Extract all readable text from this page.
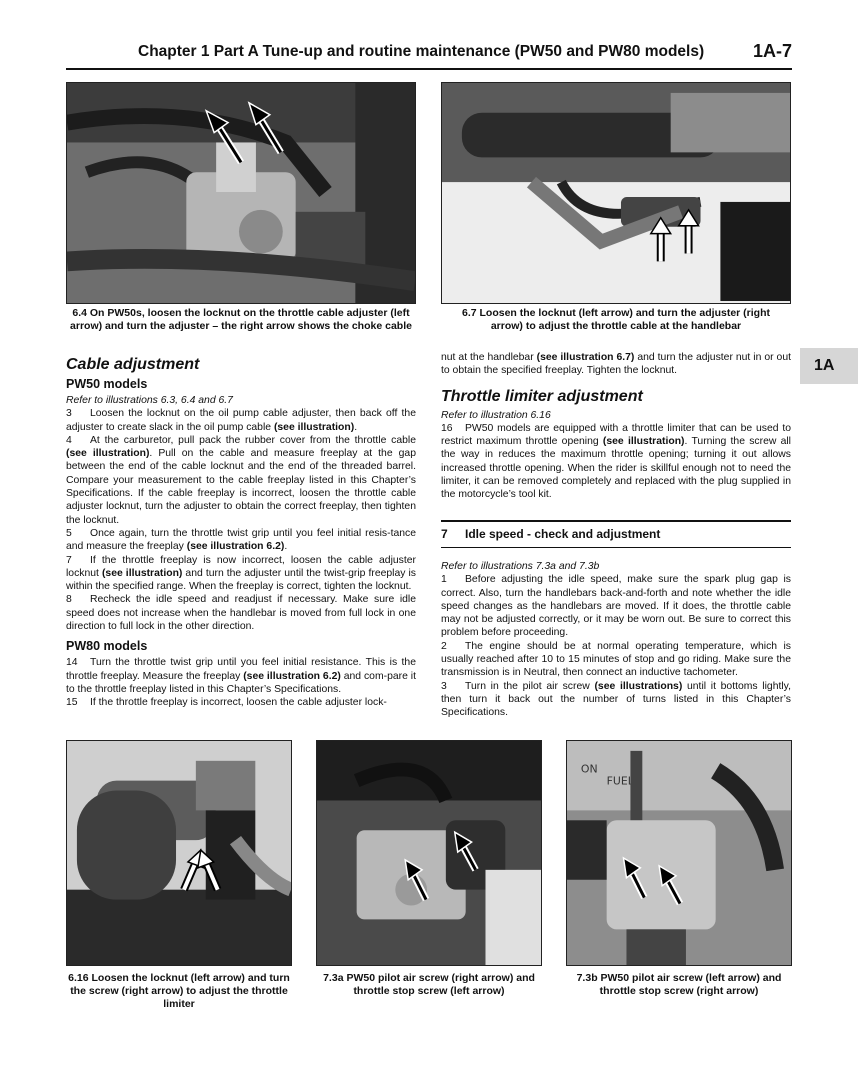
Chapter 1 Part A Tune-up and routine maintenance (PW50 and PW80 models)	1A-7
1A
6.4 On PW50s, loosen the locknut on the throttle cable adjuster (left arrow) and turn the adjuster – the right arrow shows the choke cable
6.7 Loosen the locknut (left arrow) and turn the adjuster (right arrow) to adjust the throttle cable at the handlebar
Cable adjustment
PW50 models

Refer to illustrations 6.3, 6.4 and 6.7

3 Loosen the locknut on the oil pump cable adjuster, then back off the adjuster to create slack in the oil pump cable (see illustration).

4 At the carburetor, pull pack the rubber cover from the throttle cable (see illustration). Pull on the cable and measure freeplay at the gap between the end of the cable locknut and the end of the threaded barrel. Compare your measurement to the cable freeplay listed in this Chapter’s Specifications. If the cable freeplay is incorrect, loosen the throttle cable adjuster locknut, turn the adjuster to obtain the correct freeplay, then tighten the locknut.

5 Once again, turn the throttle twist grip until you feel initial resis-tance and measure the freeplay (see illustration 6.2).

7 If the throttle freeplay is now incorrect, loosen the cable adjuster locknut (see illustration) and turn the adjuster until the twist-grip freeplay is within the specified range. When the freeplay is correct, tighten the locknut.

8 Recheck the idle speed and readjust if necessary. Make sure idle speed does not increase when the handlebar is moved from full lock in one direction to full lock in the other direction.

PW80 models

14 Turn the throttle twist grip until you feel initial resistance. This is the throttle freeplay. Measure the freeplay (see illustration 6.2) and com-pare it to the throttle freeplay listed in this Chapter’s Specifications.

15 If the throttle freeplay is incorrect, loosen the cable adjuster lock-

nut at the handlebar (see illustration 6.7) and turn the adjuster nut in or out to obtain the specified freeplay. Tighten the locknut.

Throttle limiter adjustment

Refer to illustration 6.16

16 PW50 models are equipped with a throttle limiter that can be used to restrict maximum throttle opening (see illustration). Turning the screw all the way in reduces the maximum throttle opening; turning it out allows increased throttle opening. When the rider is skillful enough not to need the limiter, it can be removed completely and replaced with the plug supplied in the motorcycle’s tool kit.

7 Idle speed - check and adjustment

Refer to illustrations 7.3a and 7.3b

1 Before adjusting the idle speed, make sure the spark plug gap is correct. Also, turn the handlebars back-and-forth and note whether the idle speed changes as the handlebars are moved. If it does, the throttle cable may not be adjusted correctly, or it may be worn out. Be sure to correct this problem before proceeding.

2 The engine should be at normal operating temperature, which is usually reached after 10 to 15 minutes of stop and go riding. Make sure the transmission is in Neutral, then connect an inductive tachometer.

3 Turn in the pilot air screw (see illustrations) until it bottoms lightly, then turn it back out the number of turns listed in this Chapter’s Specifications.

6.16 Loosen the locknut (left arrow) and turn the screw (right arrow) to adjust the throttle limiter
7.3a PW50 pilot air screw (right arrow) and throttle stop screw (left arrow)
ON
FUEL
7.3b PW50 pilot air screw (left arrow) and throttle stop screw (right arrow)
